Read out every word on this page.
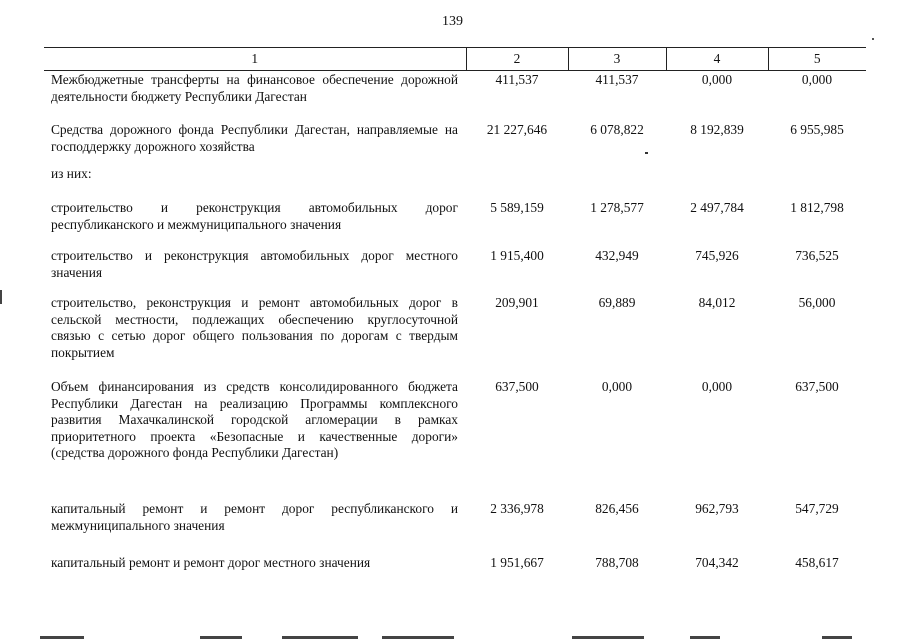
139
1	2	3	4	5
Межбюджетные трансферты на финансовое обеспечение дорожной деятельности бюджету Республики Дагестан	411,537	411,537	0,000	0,000
Средства дорожного фонда Республики Дагестан, направляемые на господдержку дорожного хозяйства	21 227,646	6 078,822	8 192,839	6 955,985
из них:				
строительство и реконструкция автомобильных дорог республиканского и межмуниципального значения	5 589,159	1 278,577	2 497,784	1 812,798
строительство и реконструкция автомобильных дорог местного значения	1 915,400	432,949	745,926	736,525
строительство, реконструкция и ремонт автомобильных дорог в сельской местности, подлежащих обеспечению круглосуточной связью с сетью дорог общего пользования по дорогам с твердым покрытием	209,901	69,889	84,012	56,000
Объем финансирования из средств консолидированного бюджета Республики Дагестан на реализацию Программы комплексного развития Махачкалинской городской агломерации в рамках приоритетного проекта «Безопасные и качественные дороги» (средства дорожного фонда Республики Дагестан)	637,500	0,000	0,000	637,500
капитальный ремонт и ремонт дорог республиканского и межмуниципального значения	2 336,978	826,456	962,793	547,729
капитальный ремонт и ремонт дорог местного значения	1 951,667	788,708	704,342	458,617
